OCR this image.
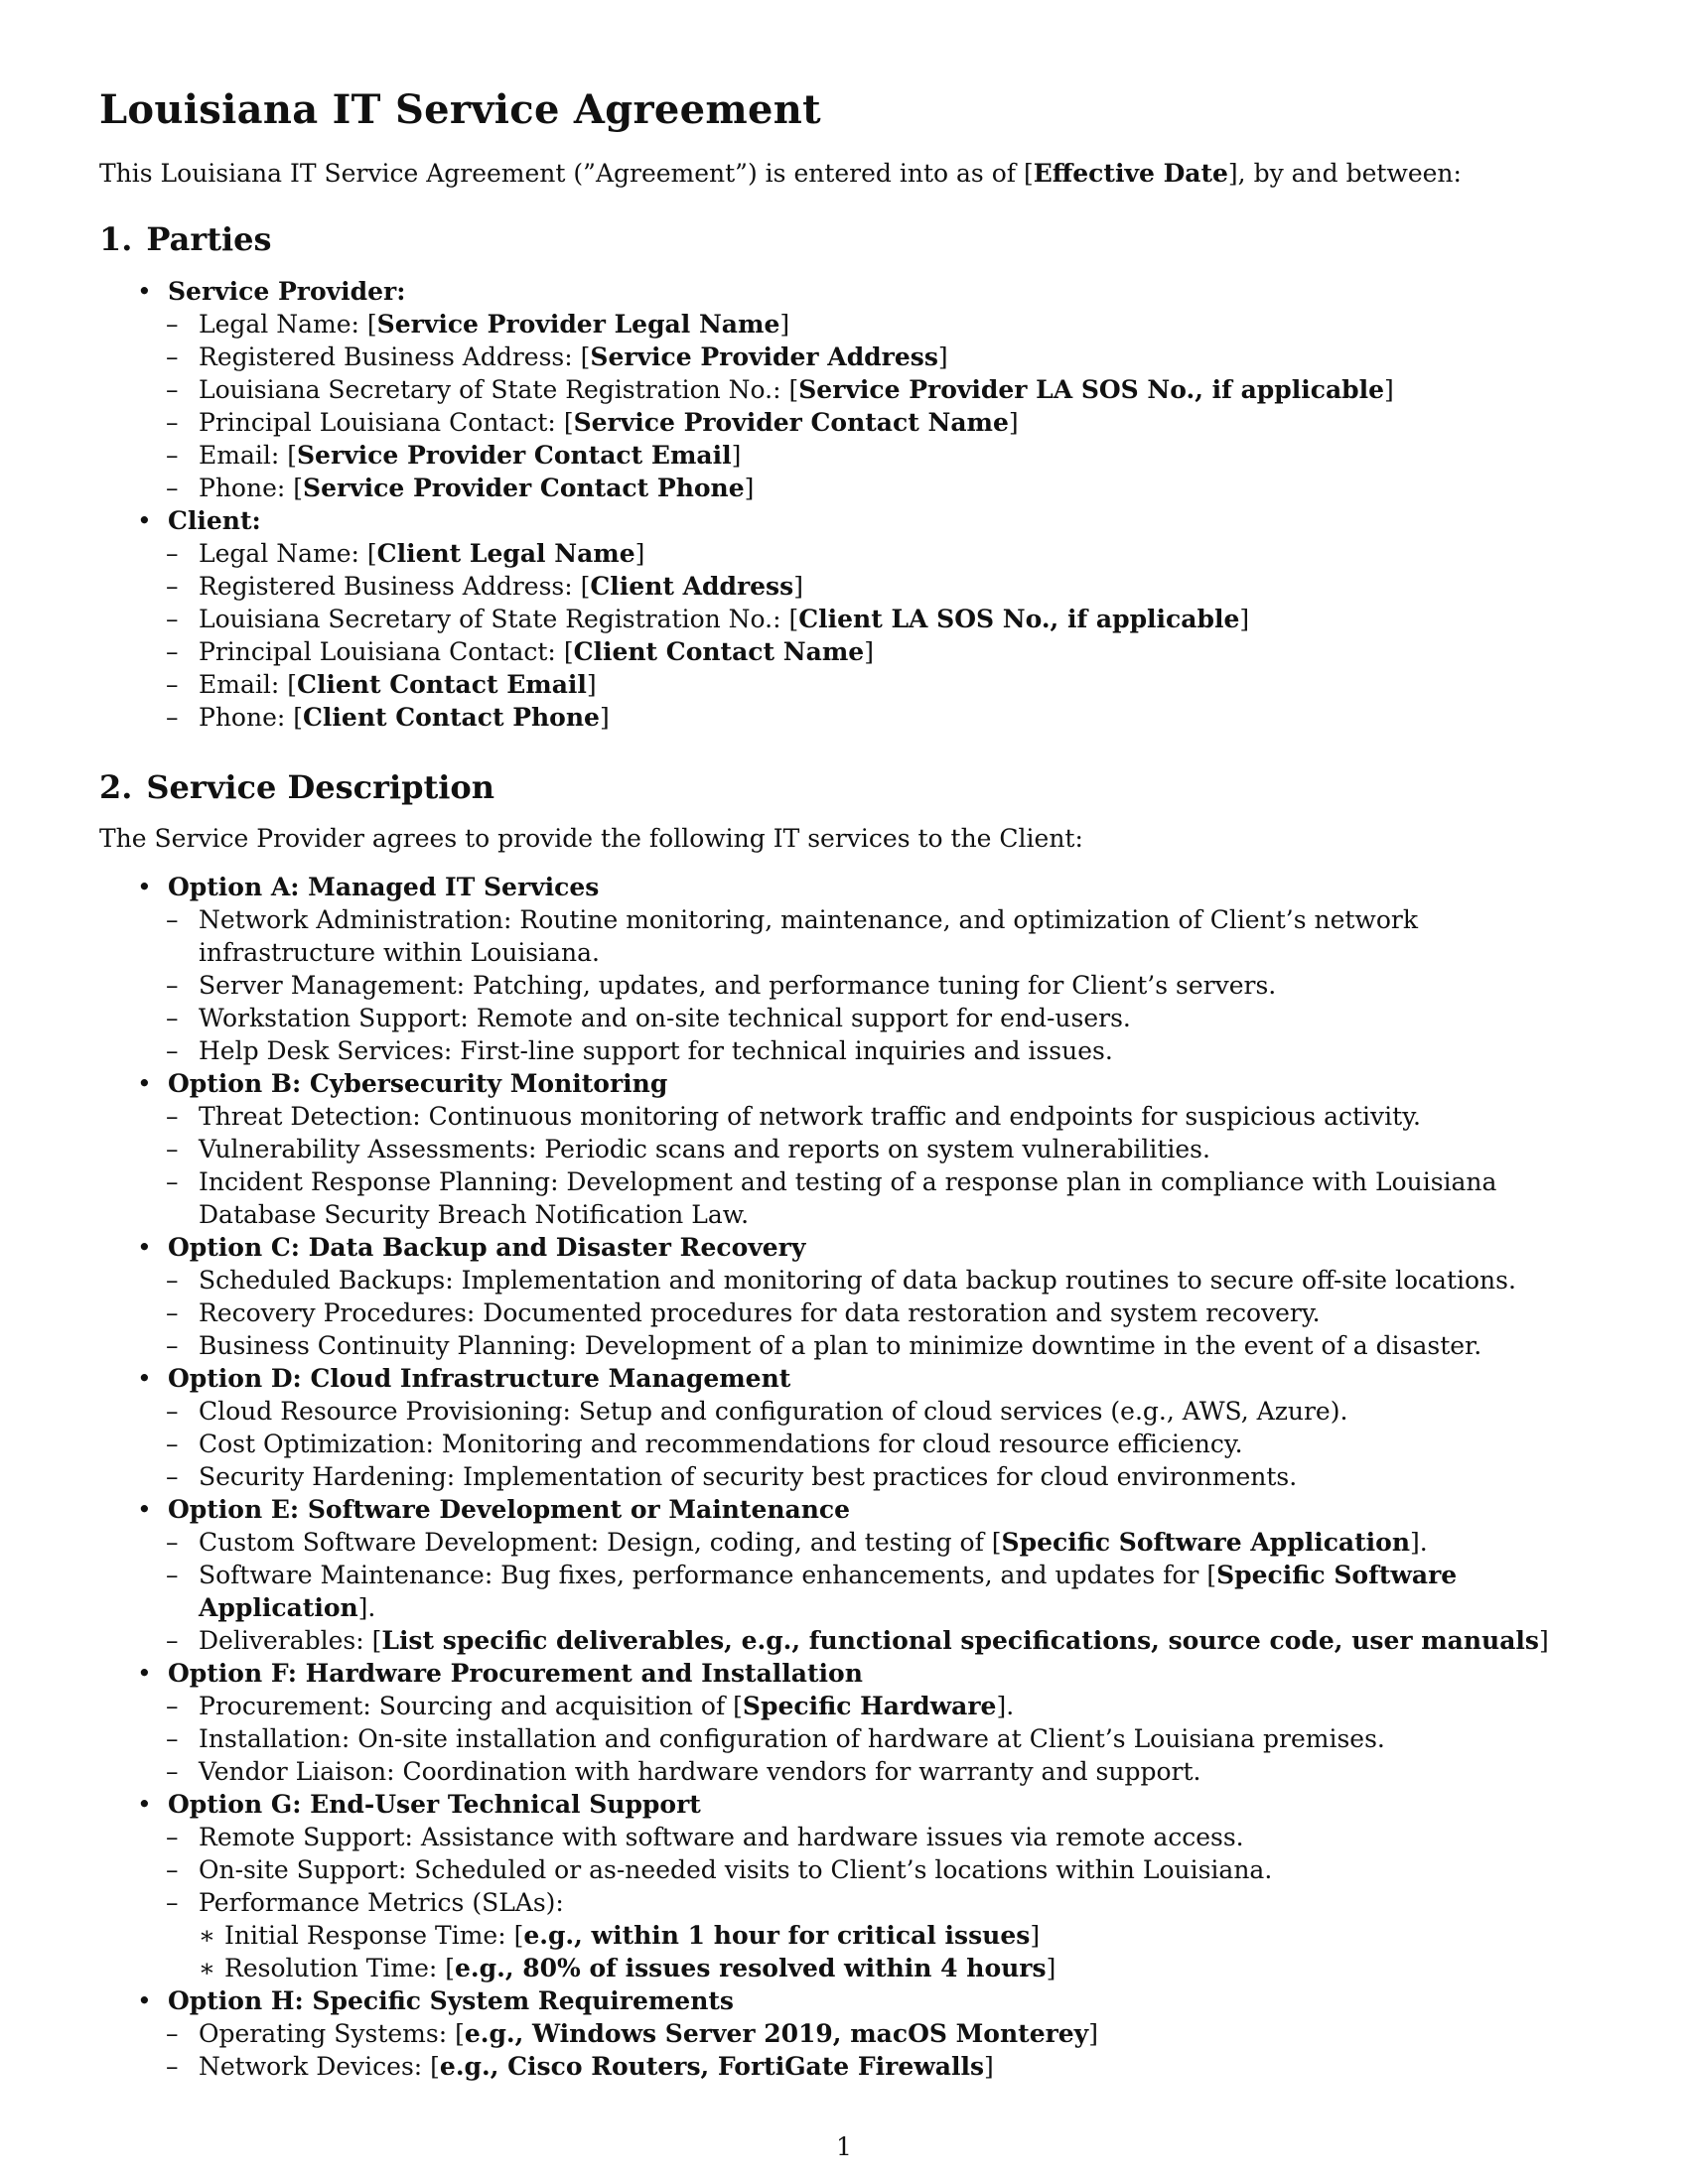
Louisiana IT Service Agreement

This Louisiana IT Service Agreement (”Agreement”) is entered into as of [Effective Date], by and between:

1. Parties
• Service Provider:
– Legal Name: [Service Provider Legal Name]
– Registered Business Address: [Service Provider Address]
– Louisiana Secretary of State Registration No.: [Service Provider LA SOS No., if applicable]
– Principal Louisiana Contact: [Service Provider Contact Name]
– Email: [Service Provider Contact Email]
– Phone: [Service Provider Contact Phone]
• Client:
– Legal Name: [Client Legal Name]
– Registered Business Address: [Client Address]
– Louisiana Secretary of State Registration No.: [Client LA SOS No., if applicable]
– Principal Louisiana Contact: [Client Contact Name]
– Email: [Client Contact Email]
– Phone: [Client Contact Phone]
2. Service Description

The Service Provider agrees to provide the following IT services to the Client:

• Option A: Managed IT Services
– Network Administration: Routine monitoring, maintenance, and optimization of Client’s network infrastructure within Louisiana.
– Server Management: Patching, updates, and performance tuning for Client’s servers.
– Workstation Support: Remote and on-site technical support for end-users.
– Help Desk Services: First-line support for technical inquiries and issues.
• Option B: Cybersecurity Monitoring
– Threat Detection: Continuous monitoring of network traffic and endpoints for suspicious activity.
– Vulnerability Assessments: Periodic scans and reports on system vulnerabilities.
– Incident Response Planning: Development and testing of a response plan in compliance with Louisiana Database Security Breach Notification Law.
• Option C: Data Backup and Disaster Recovery
– Scheduled Backups: Implementation and monitoring of data backup routines to secure off-site locations.
– Recovery Procedures: Documented procedures for data restoration and system recovery.
– Business Continuity Planning: Development of a plan to minimize downtime in the event of a disaster.
• Option D: Cloud Infrastructure Management
– Cloud Resource Provisioning: Setup and configuration of cloud services (e.g., AWS, Azure).
– Cost Optimization: Monitoring and recommendations for cloud resource efficiency.
– Security Hardening: Implementation of security best practices for cloud environments.
• Option E: Software Development or Maintenance
– Custom Software Development: Design, coding, and testing of [Specific Software Application].
– Software Maintenance: Bug fixes, performance enhancements, and updates for [Specific Software Application].
– Deliverables: [List specific deliverables, e.g., functional specifications, source code, user manuals]
• Option F: Hardware Procurement and Installation
– Procurement: Sourcing and acquisition of [Specific Hardware].
– Installation: On-site installation and configuration of hardware at Client’s Louisiana premises.
– Vendor Liaison: Coordination with hardware vendors for warranty and support.
• Option G: End-User Technical Support
– Remote Support: Assistance with software and hardware issues via remote access.
– On-site Support: Scheduled or as-needed visits to Client’s locations within Louisiana.
– Performance Metrics (SLAs):
∗ Initial Response Time: [e.g., within 1 hour for critical issues]
∗ Resolution Time: [e.g., 80% of issues resolved within 4 hours]
• Option H: Specific System Requirements
– Operating Systems: [e.g., Windows Server 2019, macOS Monterey]
– Network Devices: [e.g., Cisco Routers, FortiGate Firewalls]
1
